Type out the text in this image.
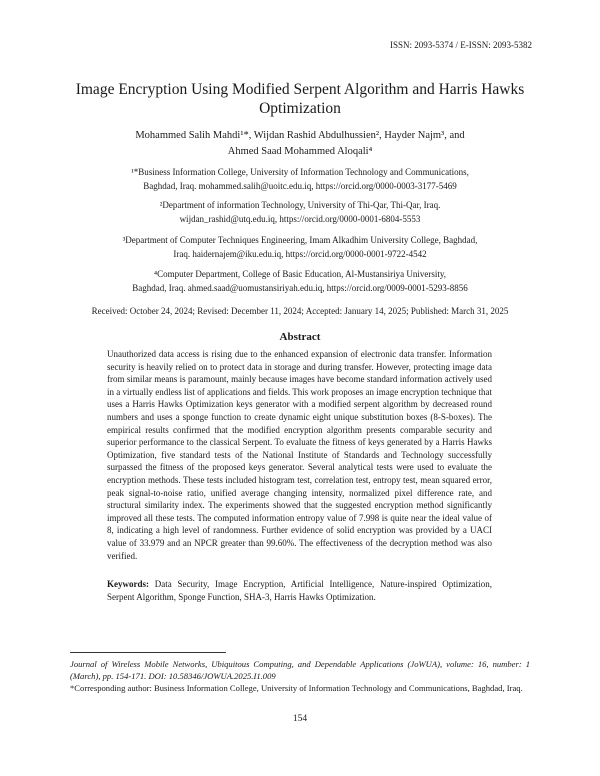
ISSN: 2093-5374 / E-ISSN: 2093-5382
Image Encryption Using Modified Serpent Algorithm and Harris Hawks Optimization

Mohammed Salih Mahdi¹*, Wijdan Rashid Abdulhussien², Hayder Najm³, and

Ahmed Saad Mohammed Aloqali⁴

¹*Business Information College, University of Information Technology and Communications,

Baghdad, Iraq. mohammed.salih@uoitc.edu.iq, https://orcid.org/0000-0003-3177-5469

²Department of information Technology, University of Thi-Qar, Thi-Qar, Iraq.

wijdan_rashid@utq.edu.iq, https://orcid.org/0000-0001-6804-5553

³Department of Computer Techniques Engineering, Imam Alkadhim University College, Baghdad,

Iraq. haidernajem@iku.edu.iq, https://orcid.org/0000-0001-9722-4542

⁴Computer Department, College of Basic Education, Al-Mustansiriya University,

Baghdad, Iraq. ahmed.saad@uomustansiriyah.edu.iq, https://orcid.org/0009-0001-5293-8856

Received: October 24, 2024; Revised: December 11, 2024; Accepted: January 14, 2025; Published: March 31, 2025
Abstract
Unauthorized data access is rising due to the enhanced expansion of electronic data transfer. Information security is heavily relied on to protect data in storage and during transfer. However, protecting image data from similar means is paramount, mainly because images have become standard information actively used in a virtually endless list of applications and fields. This work proposes an image encryption technique that uses a Harris Hawks Optimization keys generator with a modified serpent algorithm by decreased round numbers and uses a sponge function to create dynamic eight unique substitution boxes (8-S-boxes). The empirical results confirmed that the modified encryption algorithm presents comparable security and superior performance to the classical Serpent. To evaluate the fitness of keys generated by a Harris Hawks Optimization, five standard tests of the National Institute of Standards and Technology successfully surpassed the fitness of the proposed keys generator. Several analytical tests were used to evaluate the encryption methods. These tests included histogram test, correlation test, entropy test, mean squared error, peak signal-to-noise ratio, unified average changing intensity, normalized pixel difference rate, and structural similarity index. The experiments showed that the suggested encryption method significantly improved all these tests. The computed information entropy value of 7.998 is quite near the ideal value of 8, indicating a high level of randomness. Further evidence of solid encryption was provided by a UACI value of 33.979 and an NPCR greater than 99.60%. The effectiveness of the decryption method was also verified.
Keywords: Data Security, Image Encryption, Artificial Intelligence, Nature-inspired Optimization, Serpent Algorithm, Sponge Function, SHA-3, Harris Hawks Optimization.

Journal of Wireless Mobile Networks, Ubiquitous Computing, and Dependable Applications (JoWUA), volume: 16, number: 1 (March), pp. 154-171. DOI: 10.58346/JOWUA.2025.I1.009

*Corresponding author: Business Information College, University of Information Technology and Communications, Baghdad, Iraq.

154
